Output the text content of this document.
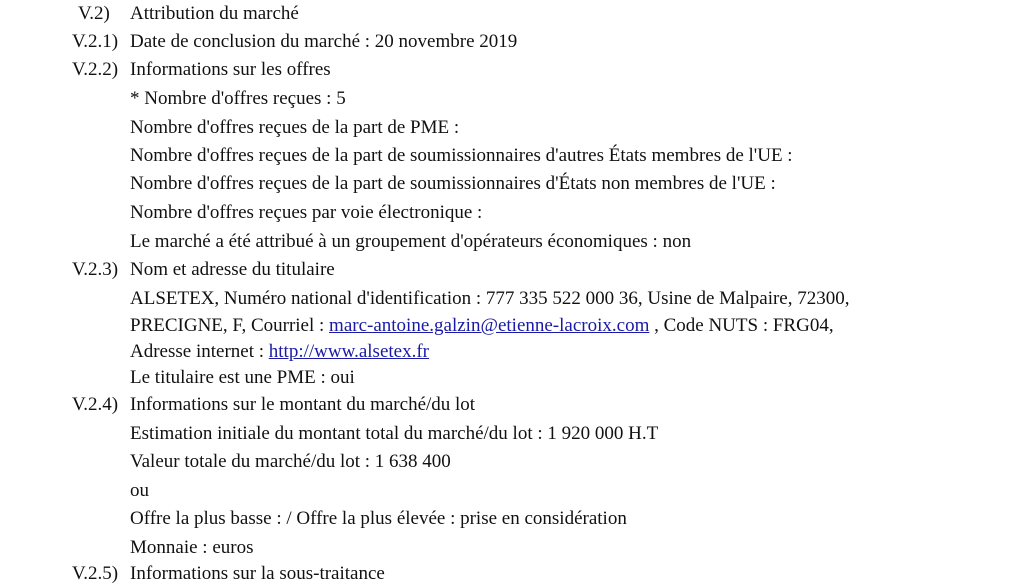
V.2) Attribution du marché
V.2.1) Date de conclusion du marché : 20 novembre 2019
V.2.2) Informations sur les offres
* Nombre d'offres reçues : 5
Nombre d'offres reçues de la part de PME :
Nombre d'offres reçues de la part de soumissionnaires d'autres États membres de l'UE :
Nombre d'offres reçues de la part de soumissionnaires d'États non membres de l'UE :
Nombre d'offres reçues par voie électronique :
Le marché a été attribué à un groupement d'opérateurs économiques : non
V.2.3) Nom et adresse du titulaire
ALSETEX, Numéro national d'identification : 777 335 522 000 36, Usine de Malpaire, 72300,
PRECIGNE, F, Courriel : marc-antoine.galzin@etienne-lacroix.com , Code NUTS : FRG04,
Adresse internet : http://www.alsetex.fr
Le titulaire est une PME : oui
V.2.4) Informations sur le montant du marché/du lot
Estimation initiale du montant total du marché/du lot : 1 920 000 H.T
Valeur totale du marché/du lot : 1 638 400
ou
Offre la plus basse : / Offre la plus élevée : prise en considération
Monnaie : euros
V.2.5) Informations sur la sous-traitance
